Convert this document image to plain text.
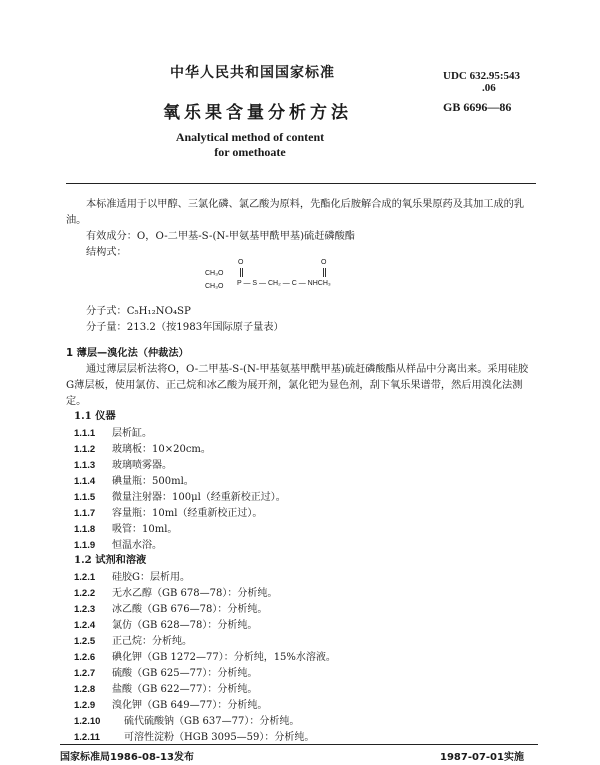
中华人民共和国国家标准	UDC 632.95:543
.06
氧乐果含量分析方法	GB 6696—86
Analytical method of content
for omethoate
本标准适用于以甲醇、三氯化磷、氯乙酸为原料，先酯化后胺解合成的氧乐果原药及其加工成的乳油。
有效成分：O，O-二甲基-S-(N-甲氨基甲酰甲基)硫赶磷酸酯
结构式：
O	O
CH₃O
CH₃O P — S — CH₂ — C — NHCH₃
分子式：C₅H₁₂NO₄SP
分子量：213.2（按1983年国际原子量表）
1 薄层—溴化法（仲裁法）
通过薄层层析法将O，O-二甲基-S-(N-甲基氨基甲酰甲基)硫赶磷酸酯从样品中分离出来。采用硅胶G薄层板，使用氯仿、正己烷和冰乙酸为展开剂，氯化钯为显色剂，刮下氧乐果谱带，然后用溴化法测定。
1.1 仪器
1.1.1 层析缸。
1.1.2 玻璃板：10×20cm。
1.1.3 玻璃喷雾器。
1.1.4 碘量瓶：500ml。
1.1.5 微量注射器：100μl（经重新校正过）。
1.1.7 容量瓶：10ml（经重新校正过）。
1.1.8 吸管：10ml。
1.1.9 恒温水浴。
1.2 试剂和溶液
1.2.1 硅胶G：层析用。
1.2.2 无水乙醇（GB 678—78）：分析纯。
1.2.3 冰乙酸（GB 676—78）：分析纯。
1.2.4 氯仿（GB 628—78）：分析纯。
1.2.5 正己烷：分析纯。
1.2.6 碘化钾（GB 1272—77）：分析纯，15%水溶液。
1.2.7 硫酸（GB 625—77）：分析纯。
1.2.8 盐酸（GB 622—77）：分析纯。
1.2.9 溴化钾（GB 649—77）：分析纯。
1.2.10 硫代硫酸钠（GB 637—77）：分析纯。
1.2.11 可溶性淀粉（HGB 3095—59）：分析纯。
国家标准局1986-08-13发布	1987-07-01实施
